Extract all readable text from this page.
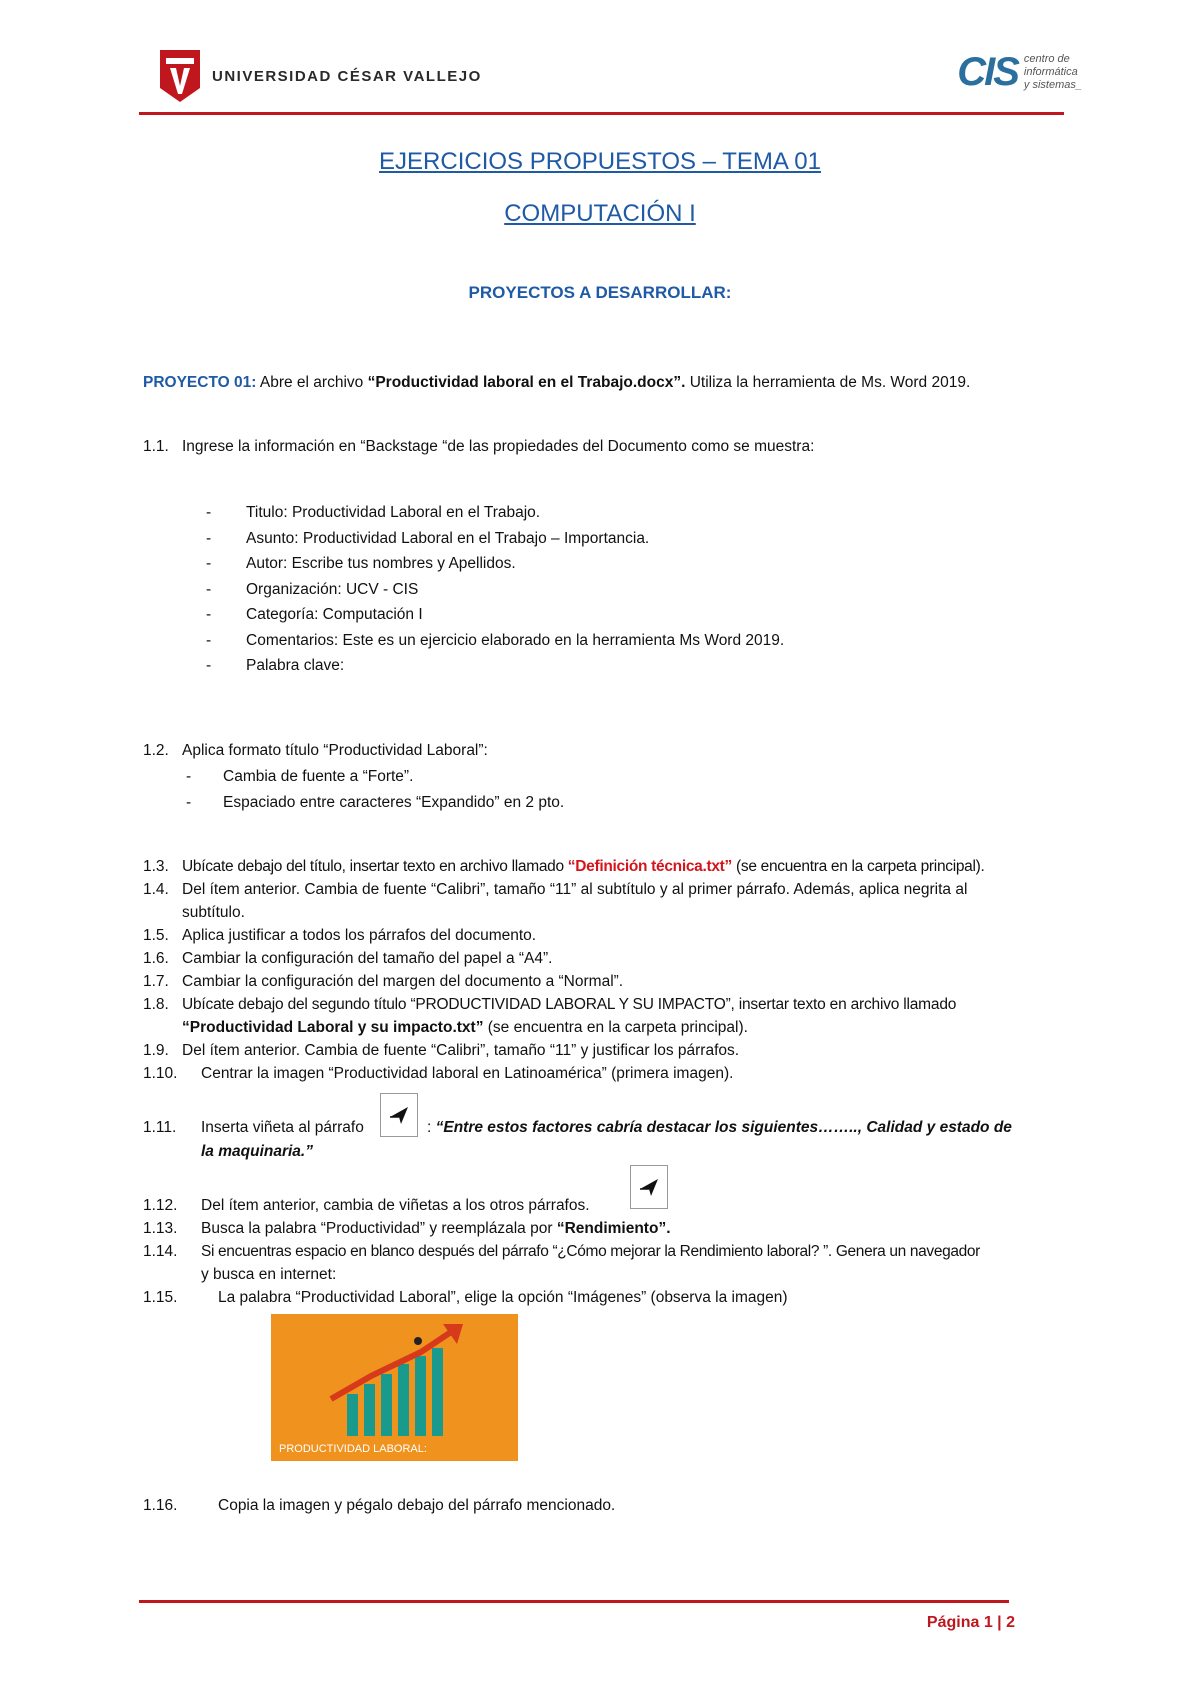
UNIVERSIDAD CÉSAR VALLEJO	CIS centro de
informática
y sistemas_
EJERCICIOS PROPUESTOS – TEMA 01
COMPUTACIÓN I
PROYECTOS A DESARROLLAR:
PROYECTO 01: Abre el archivo “Productividad laboral en el Trabajo.docx”. Utiliza la herramienta de Ms. Word 2019.
1.1. Ingrese la información en “Backstage “de las propiedades del Documento como se muestra:
- Titulo: Productividad Laboral en el Trabajo.
- Asunto: Productividad Laboral en el Trabajo – Importancia.
- Autor: Escribe tus nombres y Apellidos.
- Organización: UCV - CIS
- Categoría: Computación I
- Comentarios: Este es un ejercicio elaborado en la herramienta Ms Word 2019.
- Palabra clave:
1.2. Aplica formato título “Productividad Laboral”:
- Cambia de fuente a “Forte”.
- Espaciado entre caracteres “Expandido” en 2 pto.
1.3. Ubícate debajo del título, insertar texto en archivo llamado “Definición técnica.txt” (se encuentra en la carpeta principal).
1.4. Del ítem anterior. Cambia de fuente “Calibri”, tamaño “11” al subtítulo y al primer párrafo. Además, aplica negrita al
subtítulo.
1.5. Aplica justificar a todos los párrafos del documento.
1.6. Cambiar la configuración del tamaño del papel a “A4”.
1.7. Cambiar la configuración del margen del documento a “Normal”.
1.8. Ubícate debajo del segundo título “PRODUCTIVIDAD LABORAL Y SU IMPACTO”, insertar texto en archivo llamado
“Productividad Laboral y su impacto.txt” (se encuentra en la carpeta principal).
1.9. Del ítem anterior. Cambia de fuente “Calibri”, tamaño “11” y justificar los párrafos.
1.10. Centrar la imagen “Productividad laboral en Latinoamérica” (primera imagen).
1.11. Inserta viñeta al párrafo	: “Entre estos factores cabría destacar los siguientes…….., Calidad y estado de
la maquinaria.”
1.12. Del ítem anterior, cambia de viñetas a los otros párrafos.
1.13. Busca la palabra “Productividad” y reemplázala por “Rendimiento”.
1.14. Si encuentras espacio en blanco después del párrafo “¿Cómo mejorar la Rendimiento laboral? ”. Genera un navegador
y busca en internet:
1.15.	La palabra “Productividad Laboral”, elige la opción “Imágenes” (observa la imagen)
PRODUCTIVIDAD LABORAL:
1.16.	Copia la imagen y pégalo debajo del párrafo mencionado.
Página 1 | 2
